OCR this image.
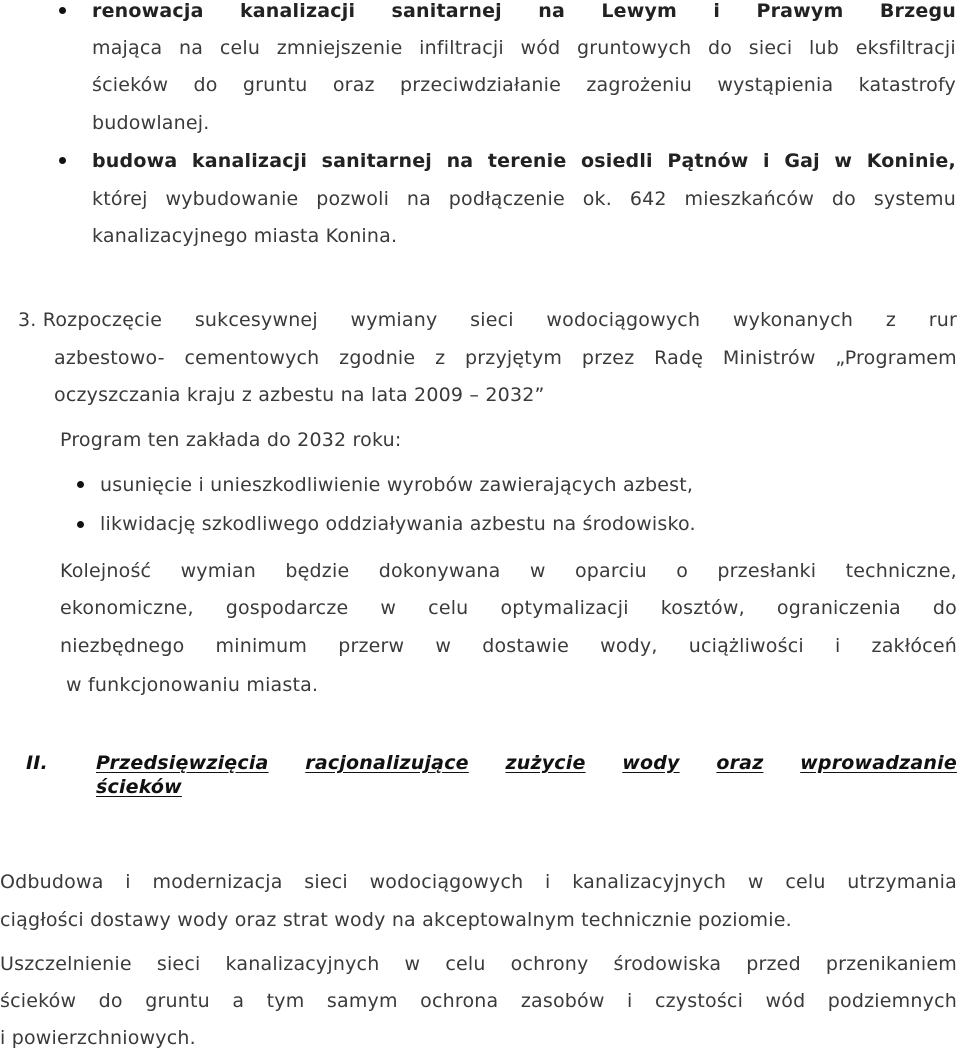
renowacja kanalizacji sanitarnej na Lewym i Prawym Brzegu
mająca na celu zmniejszenie infiltracji wód gruntowych do sieci lub eksfiltracji
ścieków do gruntu oraz przeciwdziałanie zagrożeniu wystąpienia katastrofy
budowlanej.
budowa kanalizacji sanitarnej na terenie osiedli Pątnów i Gaj w Koninie,
której wybudowanie pozwoli na podłączenie ok. 642 mieszkańców do systemu
kanalizacyjnego miasta Konina.
3. Rozpoczęcie sukcesywnej wymiany sieci wodociągowych wykonanych z rur
azbestowo- cementowych zgodnie z przyjętym przez Radę Ministrów „Programem
oczyszczania kraju z azbestu na lata 2009 – 2032”
Program ten zakłada do 2032 roku:
usunięcie i unieszkodliwienie wyrobów zawierających azbest,
likwidację szkodliwego oddziaływania azbestu na środowisko.
Kolejność wymian będzie dokonywana w oparciu o przesłanki techniczne,
ekonomiczne, gospodarcze w celu optymalizacji kosztów, ograniczenia do
niezbędnego minimum przerw w dostawie wody, uciążliwości i zakłóceń
w funkcjonowaniu miasta.
II.	Przedsięwzięcia racjonalizujące zużycie wody oraz wprowadzanie
ścieków
Odbudowa i modernizacja sieci wodociągowych i kanalizacyjnych w celu utrzymania
ciągłości dostawy wody oraz strat wody na akceptowalnym technicznie poziomie.
Uszczelnienie sieci kanalizacyjnych w celu ochrony środowiska przed przenikaniem
ścieków do gruntu a tym samym ochrona zasobów i czystości wód podziemnych
i powierzchniowych.
